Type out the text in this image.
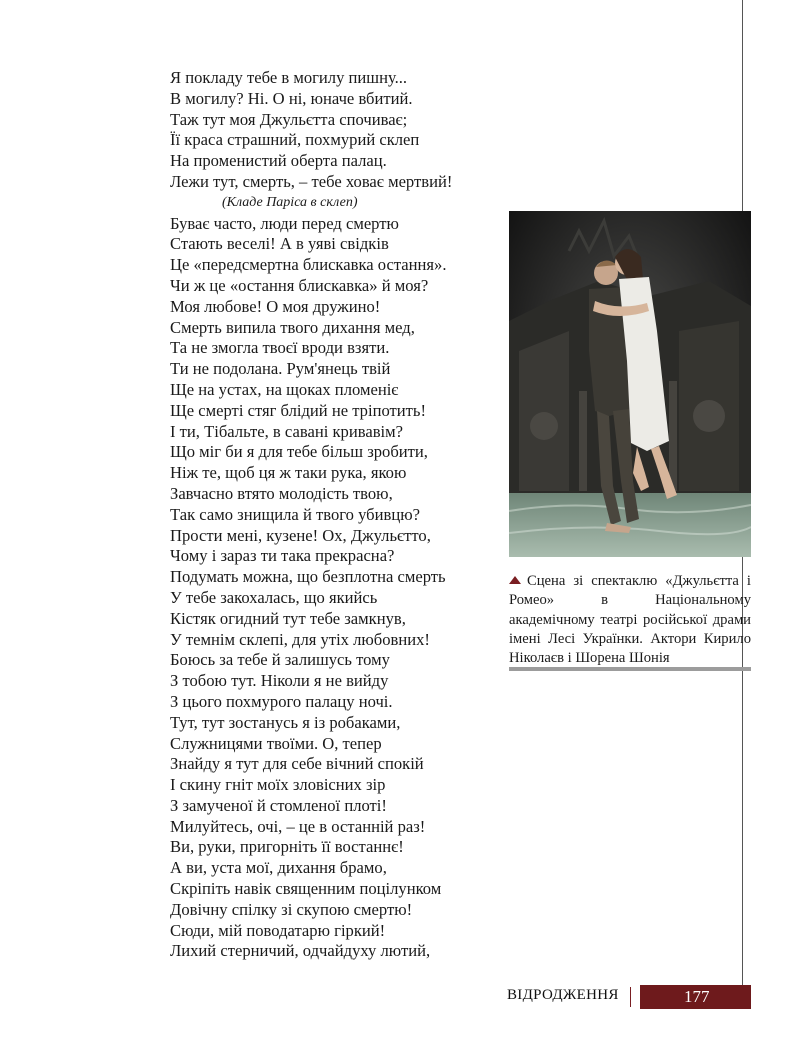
Я покладу тебе в могилу пишну...
В могилу? Ні. О ні, юначе вбитий.
Таж тут моя Джульєтта спочиває;
Її краса страшний, похмурий склеп
На променистий оберта палац.
Лежи тут, смерть, – тебе ховає мертвий!
(Кладе Паріса в склеп)
Буває часто, люди перед смертю
Стають веселі! А в уяві свідків
Це «передсмертна блискавка остання».
Чи ж це «остання блискавка» й моя?
Моя любове! О моя дружино!
Смерть випила твого дихання мед,
Та не змогла твоєї вроди взяти.
Ти не подолана. Рум'янець твій
Ще на устах, на щоках пломеніє
Ще смерті стяг блідий не тріпотить!
І ти, Тібальте, в савані кривавім?
Що міг би я для тебе більш зробити,
Ніж те, щоб ця ж таки рука, якою
Завчасно втято молодість твою,
Так само знищила й твого убивцю?
Прости мені, кузене! Ох, Джульєтто,
Чому і зараз ти така прекрасна?
Подумать можна, що безплотна смерть
У тебе закохалась, що якийсь
Кістяк огидний тут тебе замкнув,
У темнім склепі, для утіх любовних!
Боюсь за тебе й залишусь тому
З тобою тут. Ніколи я не вийду
З цього похмурого палацу ночі.
Тут, тут зостанусь я із робаками,
Служницями твоїми. О, тепер
Знайду я тут для себе вічний спокій
І скину гніт моїх зловісних зір
З замученої й стомленої плоті!
Милуйтесь, очі, – це в останній раз!
Ви, руки, пригорніть її востаннє!
А ви, уста мої, дихання брамо,
Скріпіть навік священним поцілунком
Довічну спілку зі скупою смертю!
Сюди, мій поводатарю гіркий!
Лихий стерничий, одчайдуху лютий,
Сцена зі спектаклю «Джульєтта і Ромео» в Національному академічному театрі російської драми імені Лесі Українки. Актори Кирило Ніколаєв і Шорена Шонія
ВІДРОДЖЕННЯ	177
